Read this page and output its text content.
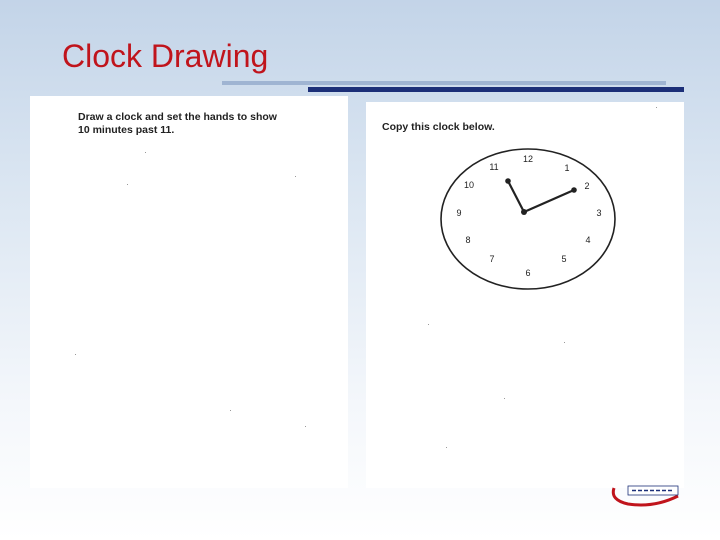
Clock Drawing
Draw a clock and set the hands to show 10 minutes past 11.	Copy this clock below.
12
1
2
3
4
5
6
7
8
9
10
11
